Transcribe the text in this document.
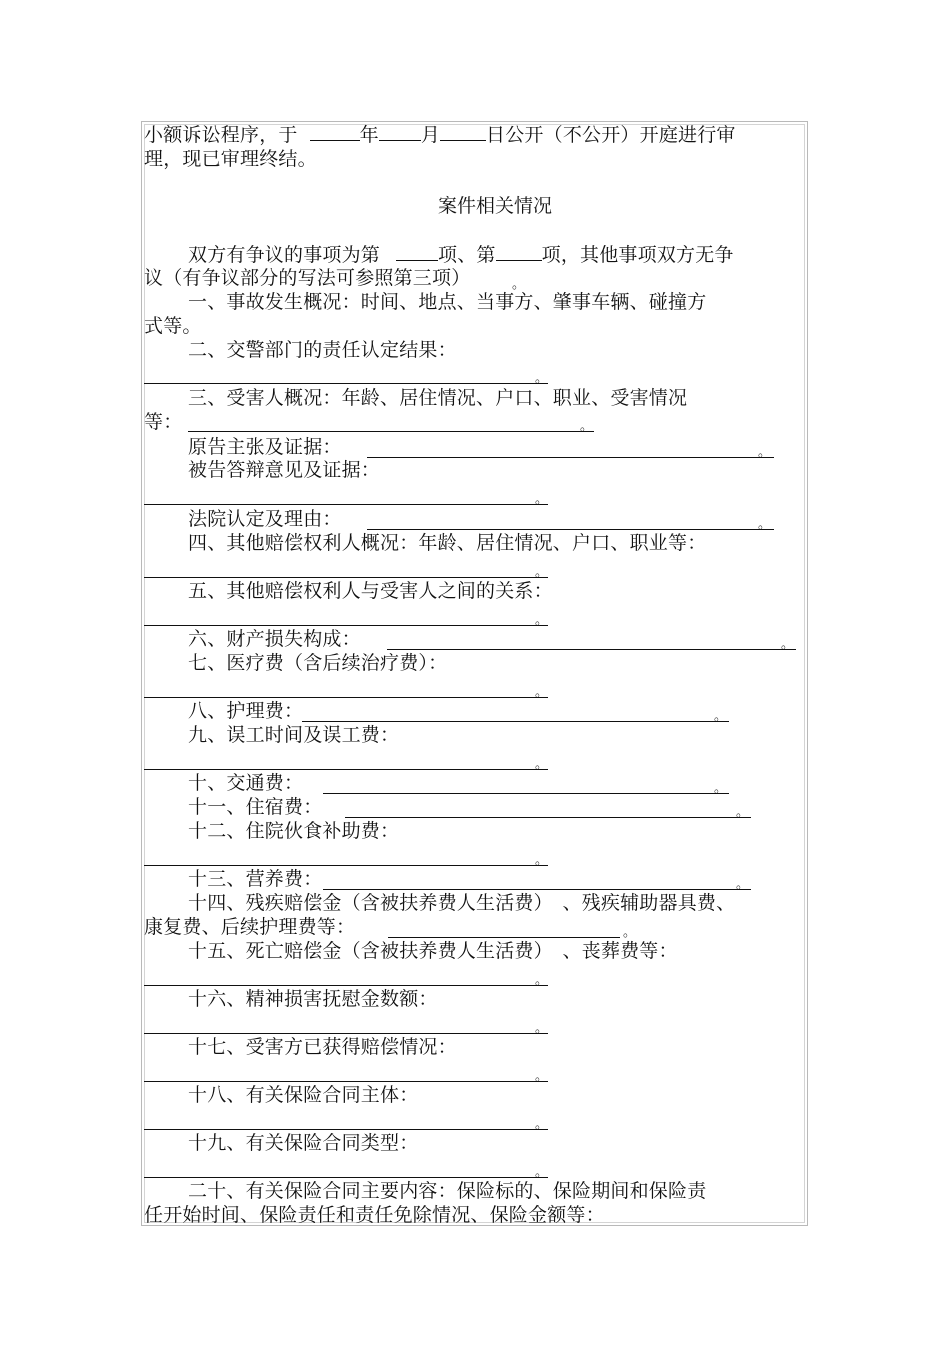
小额诉讼程序，于	年 月 日公开（不公开）开庭进行审
理，现已审理终结。
案件相关情况
双方有争议的事项为第	项、第 项，其他事项双方无争
议（有争议部分的写法可参照第三项）	。
一、事故发生概况：时间、地点、当事方、肇事车辆、碰撞方
式等。
二、交警部门的责任认定结果：
。
三、受害人概况：年龄、居住情况、户口、职业、受害情况
等：	。
原告主张及证据：	。
被告答辩意见及证据：
。
法院认定及理由：	。
四、其他赔偿权利人概况：年龄、居住情况、户口、职业等：
。
五、其他赔偿权利人与受害人之间的关系：
。
六、财产损失构成：	。
七、医疗费（含后续治疗费）：
。
八、护理费：	。
九、误工时间及误工费：
。
十、交通费：	。
十一、住宿费：	。
十二、住院伙食补助费：
。
十三、营养费：	。
十四、残疾赔偿金（含被扶养费人生活费）　、残疾辅助器具费、
康复费、后续护理费等：	。
十五、死亡赔偿金（含被扶养费人生活费）　、丧葬费等：
。
十六、精神损害抚慰金数额：
。
十七、受害方已获得赔偿情况：
。
十八、有关保险合同主体：
。
十九、有关保险合同类型：
。
二十、有关保险合同主要内容：保险标的、保险期间和保险责
任开始时间、保险责任和责任免除情况、保险金额等：
